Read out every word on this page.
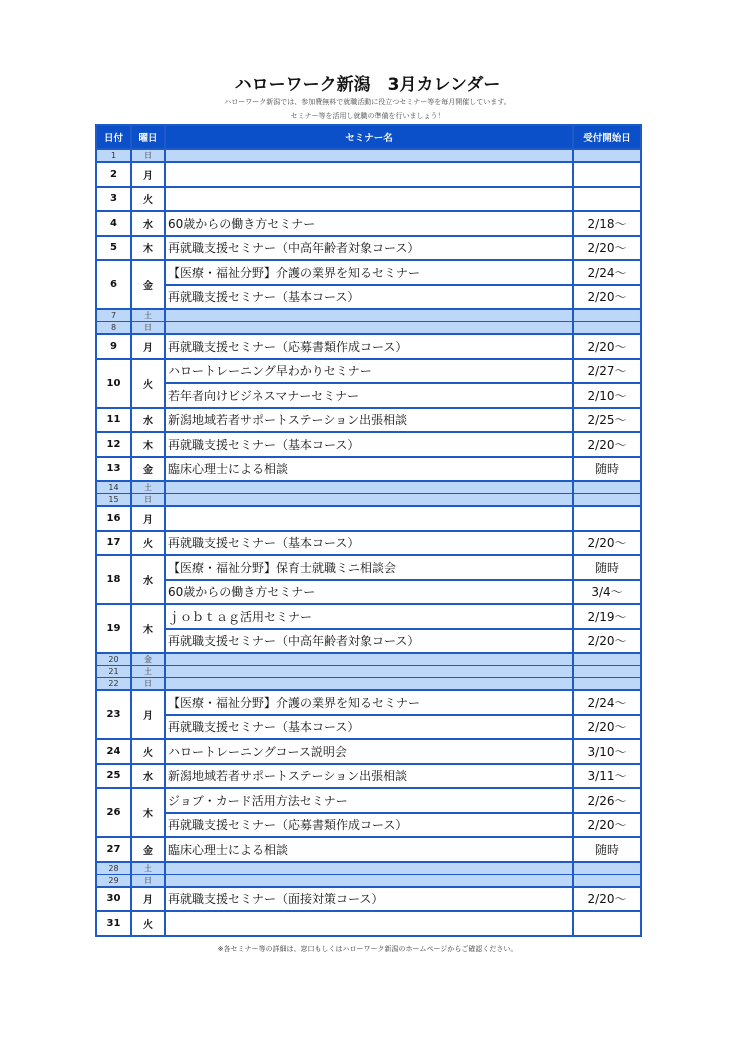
ハローワーク新潟　3月カレンダー
ハローワーク新潟では、参加費無料で就職活動に役立つセミナー等を毎月開催しています。
セミナー等を活用し就職の準備を行いましょう！
日付	曜日	セミナー名	受付開始日
1	日		
2	月		
3	火		
4	水	60歳からの働き方セミナー	2/18～
5	木	再就職支援セミナー（中高年齢者対象コース）	2/20～
6	金	【医療・福祉分野】介護の業界を知るセミナー	2/24～
		再就職支援セミナー（基本コース）	2/20～
7	土		
8	日		
9	月	再就職支援セミナー（応募書類作成コース）	2/20～
10	火	ハロートレーニング早わかりセミナー	2/27～
		若年者向けビジネスマナーセミナー	2/10～
11	水	新潟地域若者サポートステーション出張相談	2/25～
12	木	再就職支援セミナー（基本コース）	2/20～
13	金	臨床心理士による相談	随時
14	土		
15	日		
16	月		
17	火	再就職支援セミナー（基本コース）	2/20～
18	水	【医療・福祉分野】保育士就職ミニ相談会	随時
		60歳からの働き方セミナー	3/4～
19	木	ｊｏｂｔａｇ活用セミナー	2/19～
		再就職支援セミナー（中高年齢者対象コース）	2/20～
20	金		
21	土		
22	日		
23	月	【医療・福祉分野】介護の業界を知るセミナー	2/24～
		再就職支援セミナー（基本コース）	2/20～
24	火	ハロートレーニングコース説明会	3/10～
25	水	新潟地域若者サポートステーション出張相談	3/11～
26	木	ジョブ・カード活用方法セミナー	2/26～
		再就職支援セミナー（応募書類作成コース）	2/20～
27	金	臨床心理士による相談	随時
28	土		
29	日		
30	月	再就職支援セミナー（面接対策コース）	2/20～
31	火		
※各セミナー等の詳細は、窓口もしくはハローワーク新潟のホームページからご確認ください。
